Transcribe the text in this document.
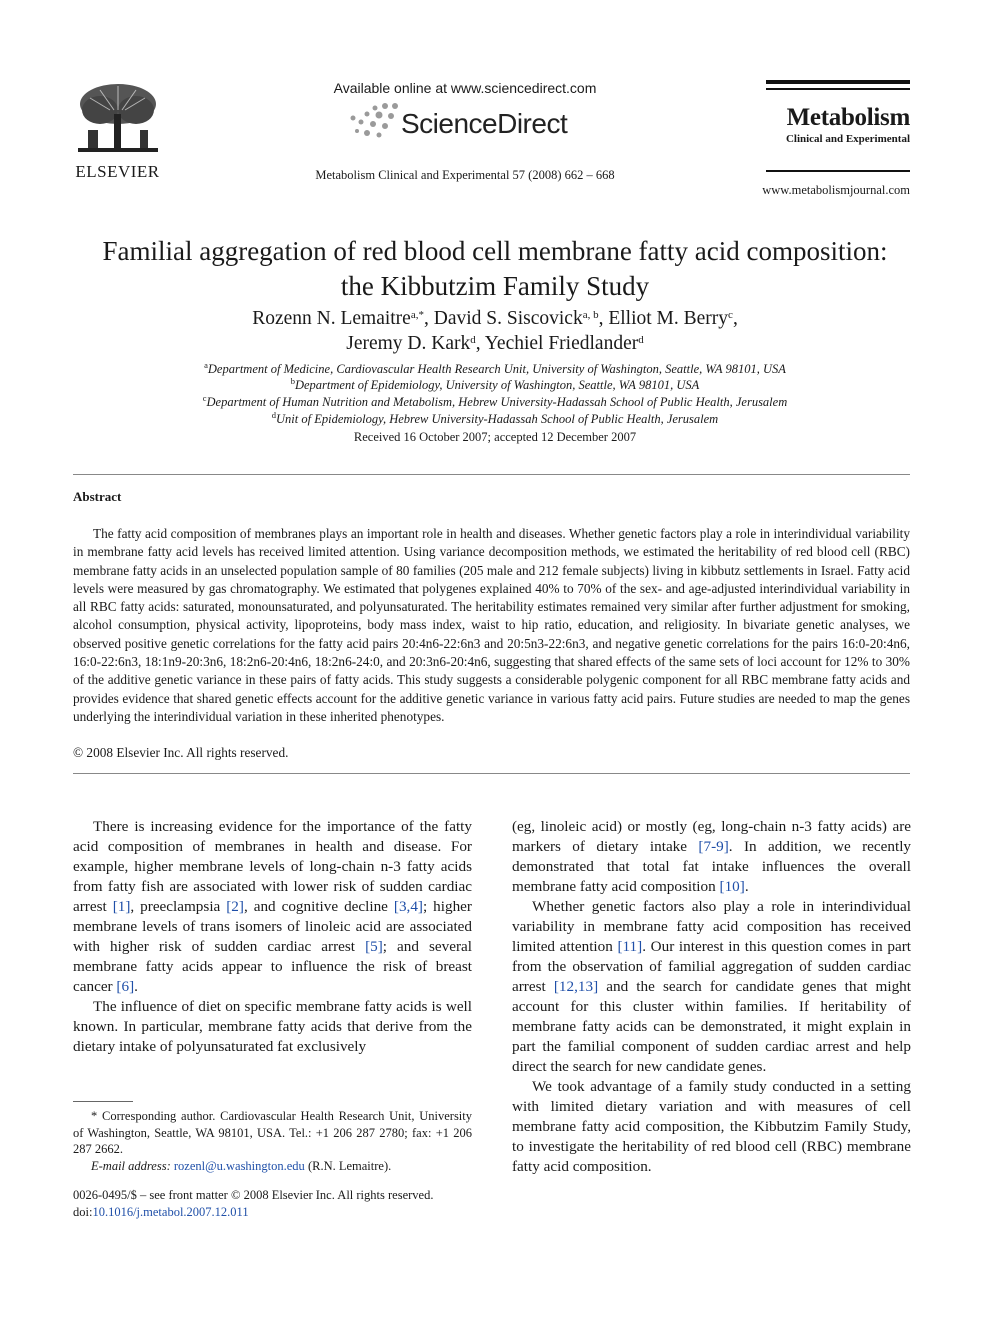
ELSEVIER
Available online at www.sciencedirect.com
ScienceDirect
Metabolism Clinical and Experimental 57 (2008) 662 – 668
Metabolism
Clinical and Experimental
www.metabolismjournal.com
Familial aggregation of red blood cell membrane fatty acid composition:
the Kibbutzim Family Study
Rozenn N. Lemaitre$^{a,*}$, David S. Siscovick$^{a, b}$, Elliot M. Berry$^c$,
Jeremy D. Kark$^d$, Yechiel Friedlander$^d$
$^a$Department of Medicine, Cardiovascular Health Research Unit, University of Washington, Seattle, WA 98101, USA
$^b$Department of Epidemiology, University of Washington, Seattle, WA 98101, USA
$^c$Department of Human Nutrition and Metabolism, Hebrew University-Hadassah School of Public Health, Jerusalem
$^d$Unit of Epidemiology, Hebrew University-Hadassah School of Public Health, Jerusalem
Received 16 October 2007; accepted 12 December 2007
Abstract
The fatty acid composition of membranes plays an important role in health and diseases. Whether genetic factors play a role in interindividual variability in membrane fatty acid levels has received limited attention. Using variance decomposition methods, we estimated the heritability of red blood cell (RBC) membrane fatty acids in an unselected population sample of 80 families (205 male and 212 female subjects) living in kibbutz settlements in Israel. Fatty acid levels were measured by gas chromatography. We estimated that polygenes explained 40% to 70% of the sex- and age-adjusted interindividual variability in all RBC fatty acids: saturated, monounsaturated, and polyunsaturated. The heritability estimates remained very similar after further adjustment for smoking, alcohol consumption, physical activity, lipoproteins, body mass index, waist to hip ratio, education, and religiosity. In bivariate genetic analyses, we observed positive genetic correlations for the fatty acid pairs 20:4n6-22:6n3 and 20:5n3-22:6n3, and negative genetic correlations for the pairs 16:0-20:4n6, 16:0-22:6n3, 18:1n9-20:3n6, 18:2n6-20:4n6, 18:2n6-24:0, and 20:3n6-20:4n6, suggesting that shared effects of the same sets of loci account for 12% to 30% of the additive genetic variance in these pairs of fatty acids. This study suggests a considerable polygenic component for all RBC membrane fatty acids and provides evidence that shared genetic effects account for the additive genetic variance in various fatty acid pairs. Future studies are needed to map the genes underlying the interindividual variation in these inherited phenotypes.
© 2008 Elsevier Inc. All rights reserved.

There is increasing evidence for the importance of the fatty acid composition of membranes in health and disease. For example, higher membrane levels of long-chain n-3 fatty acids from fatty fish are associated with lower risk of sudden cardiac arrest [1], preeclampsia [2], and cognitive decline [3,4]; higher membrane levels of trans isomers of linoleic acid are associated with higher risk of sudden cardiac arrest [5]; and several membrane fatty acids appear to influence the risk of breast cancer [6].

The influence of diet on specific membrane fatty acids is well known. In particular, membrane fatty acids that derive from the dietary intake of polyunsaturated fat exclusively

(eg, linoleic acid) or mostly (eg, long-chain n-3 fatty acids) are markers of dietary intake [7-9]. In addition, we recently demonstrated that total fat intake influences the overall membrane fatty acid composition [10].

Whether genetic factors also play a role in interindividual variability in membrane fatty acid composition has received limited attention [11]. Our interest in this question comes in part from the observation of familial aggregation of sudden cardiac arrest [12,13] and the search for candidate genes that might account for this cluster within families. If heritability of membrane fatty acids can be demonstrated, it might explain in part the familial component of sudden cardiac arrest and help direct the search for new candidate genes.

We took advantage of a family study conducted in a setting with limited dietary variation and with measures of cell membrane fatty acid composition, the Kibbutzim Family Study, to investigate the heritability of red blood cell (RBC) membrane fatty acid composition.

* Corresponding author. Cardiovascular Health Research Unit, University of Washington, Seattle, WA 98101, USA. Tel.: +1 206 287 2780; fax: +1 206 287 2662.
E-mail address: rozenl@u.washington.edu (R.N. Lemaitre).
0026-0495/$ – see front matter © 2008 Elsevier Inc. All rights reserved.
doi:10.1016/j.metabol.2007.12.011
